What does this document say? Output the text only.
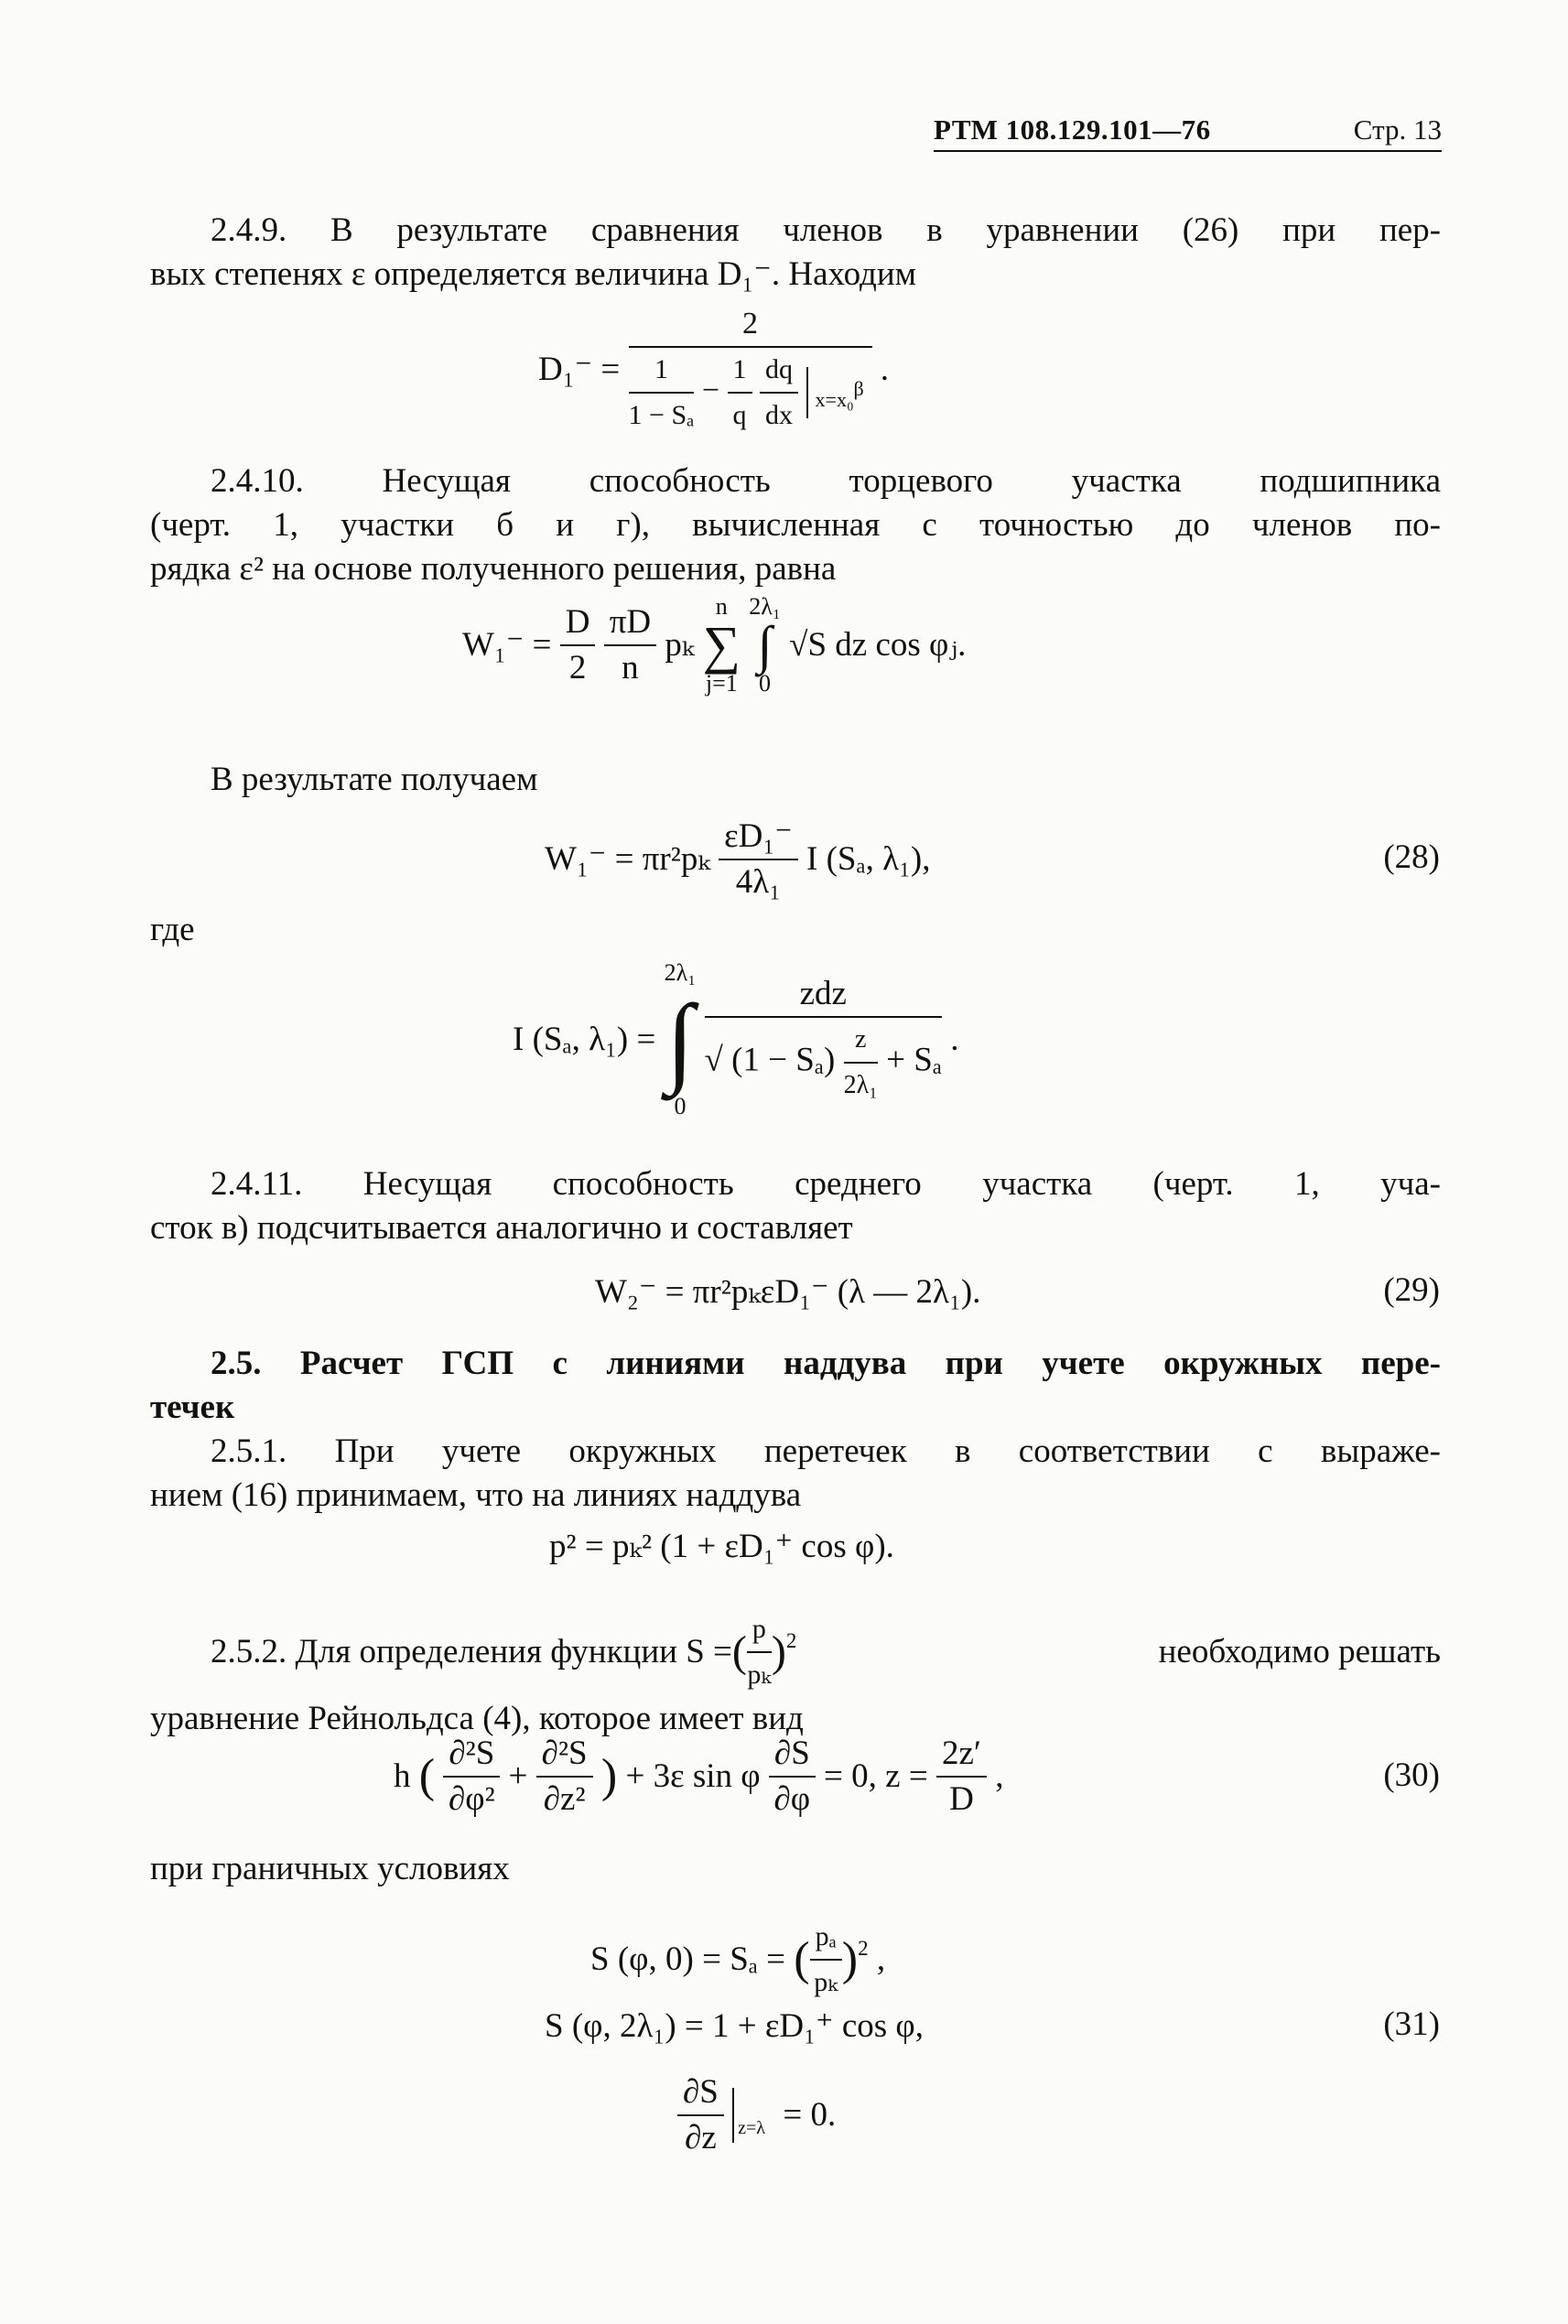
РТМ 108.129.101—76	Стр. 13
2.4.9. В результате сравнения членов в уравнении (26) при пер-
вых степенях ε определяется величина D₁⁻. Находим
D₁⁻ =
2
$\frac{1}{\text{1 − Sₐ}} - \frac{1}{q}$
$\frac{dq}{dx}$
x=x₀ β
.
2.4.10. Несущая способность торцевого участка подшипника
(черт. 1, участки б и г), вычисленная с точностью до членов по-
рядка ε² на основе полученного решения, равна
$W_1^- = \frac{D}{2}$
$\frac{\pi D}{n}$ pₖ
n
∑
j=1

2λ₁
∫
0
√S dz cos φⱼ.
В результате получаем
$W_1^- = \pi r^2p_k \frac{\text{εD₁⁻}}{\text{4λ₁}}$ I (Sₐ, λ₁),	(28)
где
I (Sₐ, λ₁) =
2λ₁
∫
0
$\frac{\text{zdz}}{√ (1 - S_a) \frac{z}{\text{2λ₁}} + S_a}$ .
2.4.11. Несущая способность среднего участка (черт. 1, уча-
сток в) подсчитывается аналогично и составляет
W₂⁻ = πr²pₖεD₁⁻ (λ — 2λ₁).	(29)
2.5. Расчет ГСП с линиями наддува при учете окружных пере-
течек
2.5.1. При учете окружных перетечек в соответствии с выраже-
нием (16) принимаем, что на линиях наддува
p² = pₖ² (1 + εD₁⁺ cos φ).
2.5.2. Для определения функции S = ( $\frac{p}{\text{pₖ}} )^2$	необходимо решать
уравнение Рейнольдса (4), которое имеет вид
h ( $\frac{\text{∂²S}}{\text{∂φ²}} + \frac{\text{∂²S}}{\text{∂z²}}$ ) + 3ε sin φ $\frac{\partial S}{\partial\varphi} = 0$, $z = \frac{2z'}{D}$ ,	(30)
при граничных условиях
S (φ, 0) = Sₐ = ( $\frac{\text{pₐ}}{\text{pₖ}} )^2$ ,
S (φ, 2λ₁) = 1 + εD₁⁺ cos φ,	(31)
$\frac{\partial S}{\partial z}$
z=λ = 0.
